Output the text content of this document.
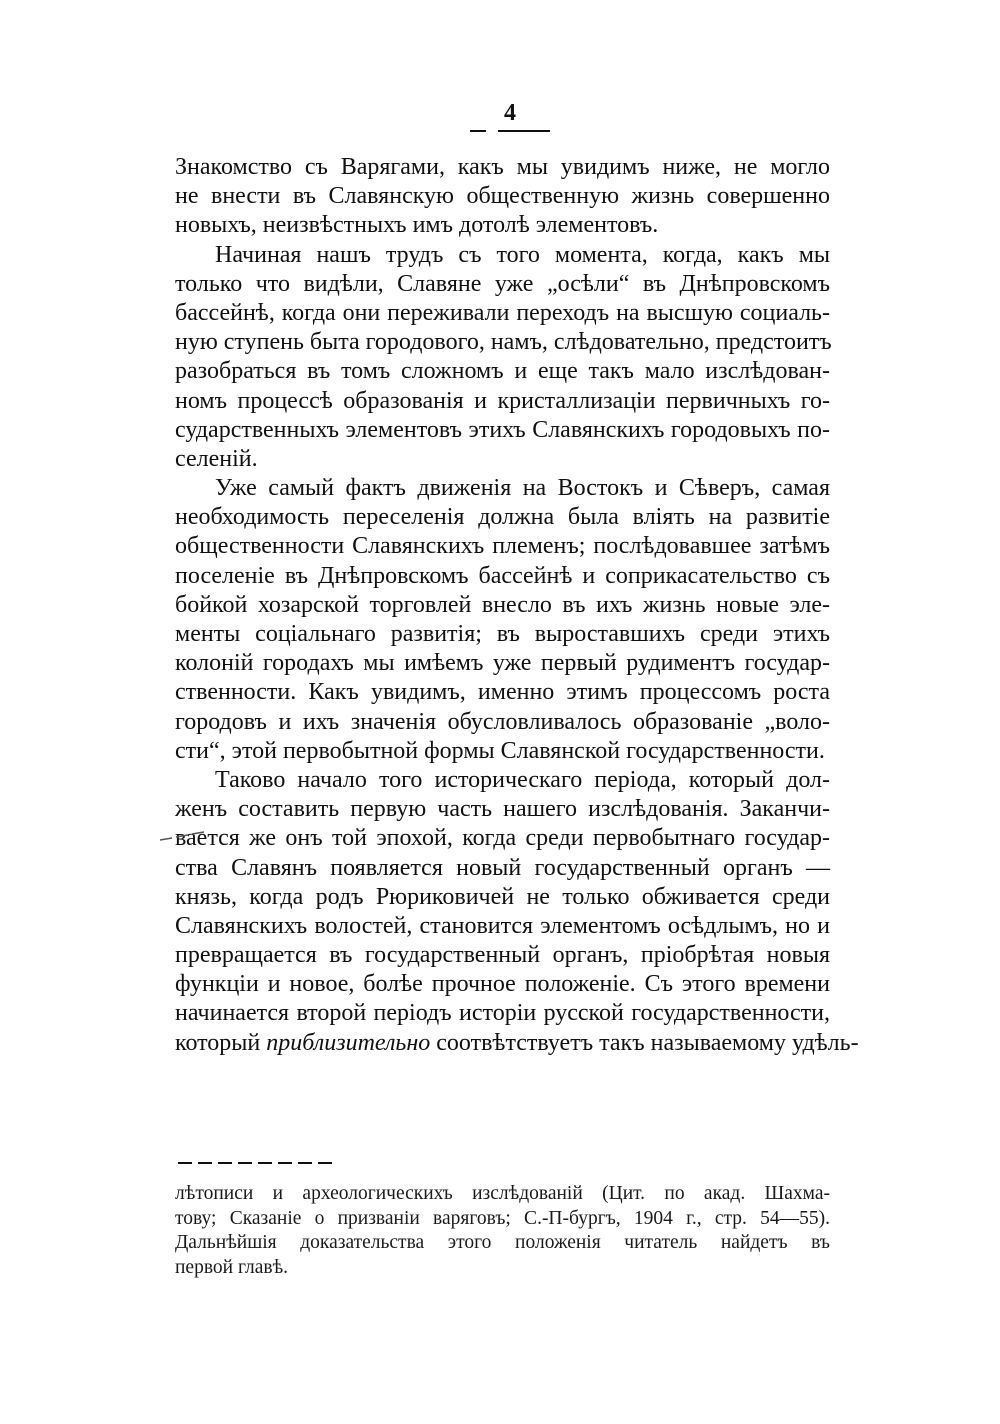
4
Знакомство съ Варягами, какъ мы увидимъ ниже, не могло
не внести въ Славянскую общественную жизнь совершенно
новыхъ, неизвѣстныхъ имъ дотолѣ элементовъ.
Начиная нашъ трудъ съ того момента, когда, какъ мы
только что видѣли, Славяне уже „осѣли“ въ Днѣпровскомъ
бассейнѣ, когда они переживали переходъ на высшую социаль-
ную ступень быта городового, намъ, слѣдовательно, предстоитъ
разобраться въ томъ сложномъ и еще такъ мало изслѣдован-
номъ процессѣ образованія и кристаллизаціи первичныхъ го-
сударственныхъ элементовъ этихъ Славянскихъ городовыхъ по-
селеній.
Уже самый фактъ движенія на Востокъ и Сѣверъ, самая
необходимость переселенія должна была вліять на развитіе
общественности Славянскихъ племенъ; послѣдовавшее затѣмъ
поселеніе въ Днѣпровскомъ бассейнѣ и соприкасательство съ
бойкой хозарской торговлей внесло въ ихъ жизнь новые эле-
менты соціальнаго развитія; въ выроставшихъ среди этихъ
колоній городахъ мы имѣемъ уже первый рудиментъ государ-
ственности. Какъ увидимъ, именно этимъ процессомъ роста
городовъ и ихъ значенія обусловливалось образованіе „воло-
сти“, этой первобытной формы Славянской государственности.
Таково начало того историческаго періода, который дол-
женъ составить первую часть нашего изслѣдованія. Заканчи-
вается же онъ той эпохой, когда среди первобытнаго государ-
ства Славянъ появляется новый государственный органъ —
князь, когда родъ Рюриковичей не только обживается среди
Славянскихъ волостей, становится элементомъ осѣдлымъ, но и
превращается въ государственный органъ, пріобрѣтая новыя
функціи и новое, болѣе прочное положеніе. Съ этого времени
начинается второй періодъ исторіи русской государственности,
который приблизительно соотвѣтствуетъ такъ называемому удѣль-
лѣтописи и археологическихъ изслѣдованій (Цит. по акад. Шахма-
тову; Сказаніе о призваніи варяговъ; С.-П-бургъ, 1904 г., стр. 54—55).
Дальнѣйшія доказательства этого положенія читатель найдетъ въ
первой главѣ.
